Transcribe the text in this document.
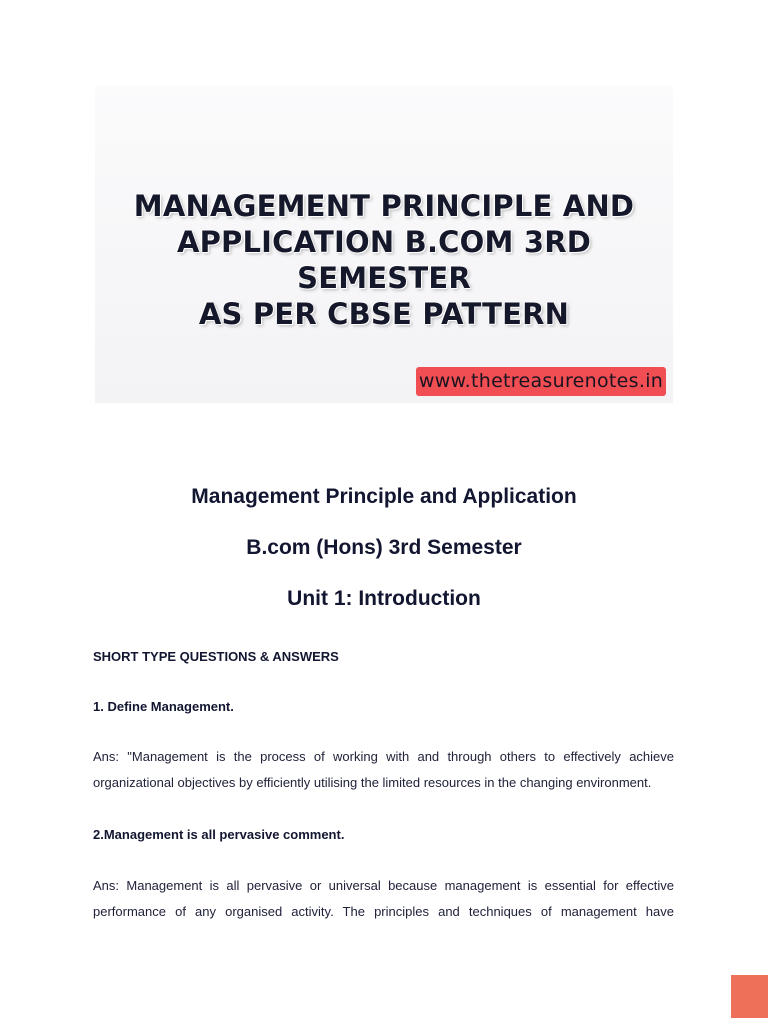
MANAGEMENT PRINCIPLE AND
APPLICATION B.COM 3RD SEMESTER
AS PER CBSE PATTERN
www.thetreasurenotes.in
Management Principle and Application
B.com (Hons) 3rd Semester
Unit 1: Introduction

SHORT TYPE QUESTIONS & ANSWERS

1. Define Management.

Ans: "Management is the process of working with and through others to effectively achieve
organizational objectives by efficiently utilising the limited resources in the changing environment.

2.Management is all pervasive comment.

Ans: Management is all pervasive or universal because management is essential for effective
performance of any organised activity. The principles and techniques of management have
